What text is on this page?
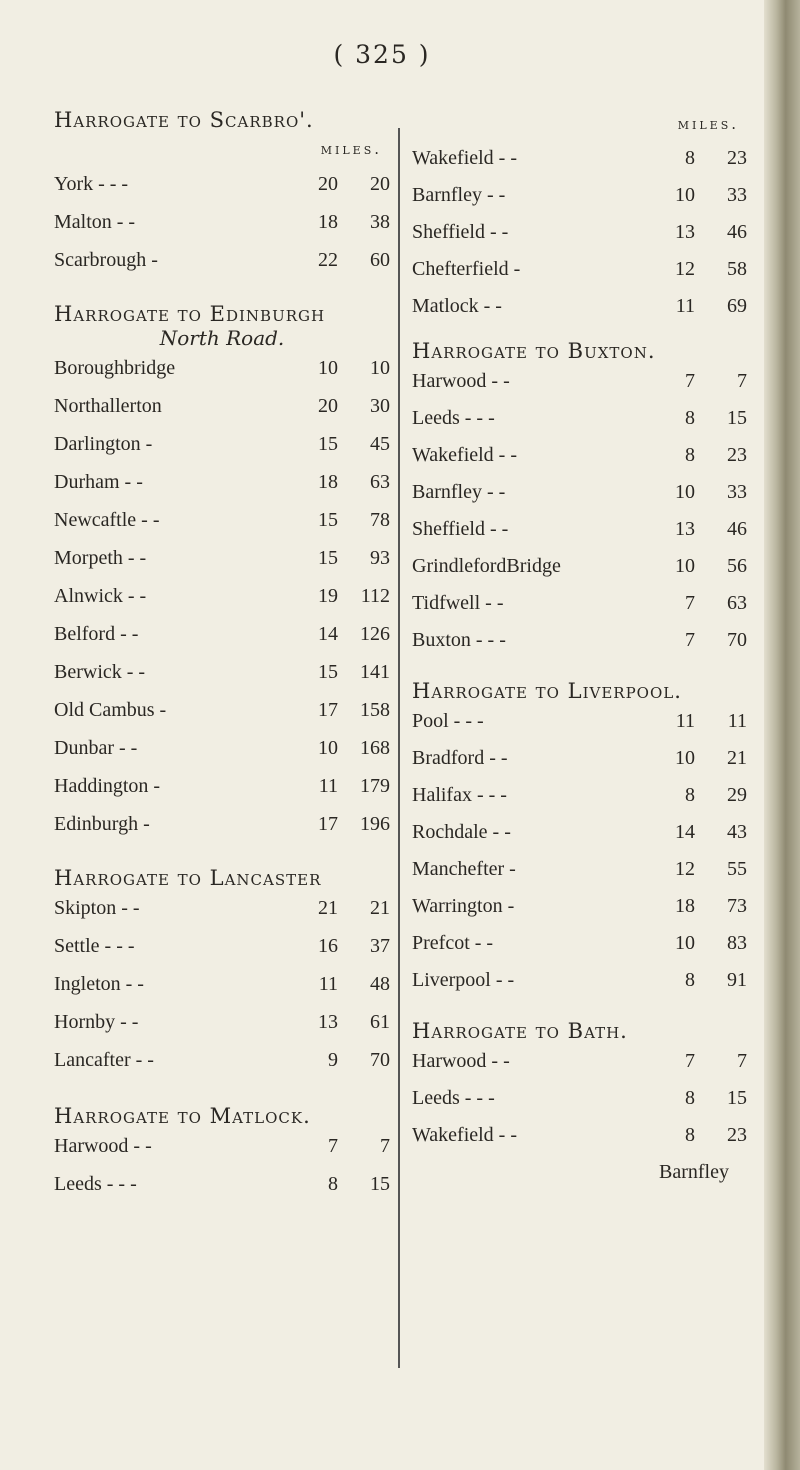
( 325 )
Harrogate to Scarbro'.
miles.
York - - -	20	20
Malton - -	18	38
Scarbrough -	22	60
Harrogate to Edinburgh
North Road.
Boroughbridge	10	10
Northallerton	20	30
Darlington -	15	45
Durham - -	18	63
Newcaftle - -	15	78
Morpeth - -	15	93
Alnwick - -	19	112
Belford - -	14	126
Berwick - -	15	141
Old Cambus -	17	158
Dunbar - -	10	168
Haddington -	11	179
Edinburgh -	17	196
Harrogate to Lancaster
Skipton - -	21	21
Settle - - -	16	37
Ingleton - -	11	48
Hornby - -	13	61
Lancafter - -	9	70
Harrogate to Matlock.
Harwood - -	7	7
Leeds - - -	8	15
miles.
Wakefield - -	8	23
Barnfley - -	10	33
Sheffield - -	13	46
Chefterfield -	12	58
Matlock - -	11	69
Harrogate to Buxton.
Harwood - -	7	7
Leeds - - -	8	15
Wakefield - -	8	23
Barnfley - -	10	33
Sheffield - -	13	46
GrindlefordBridge	10	56
Tidfwell - -	7	63
Buxton - - -	7	70
Harrogate to Liverpool.
Pool - - -	11	11
Bradford - -	10	21
Halifax - - -	8	29
Rochdale - -	14	43
Manchefter -	12	55
Warrington -	18	73
Prefcot - -	10	83
Liverpool - -	8	91
Harrogate to Bath.
Harwood - -	7	7
Leeds - - -	8	15
Wakefield - -	8	23
Barnfley
